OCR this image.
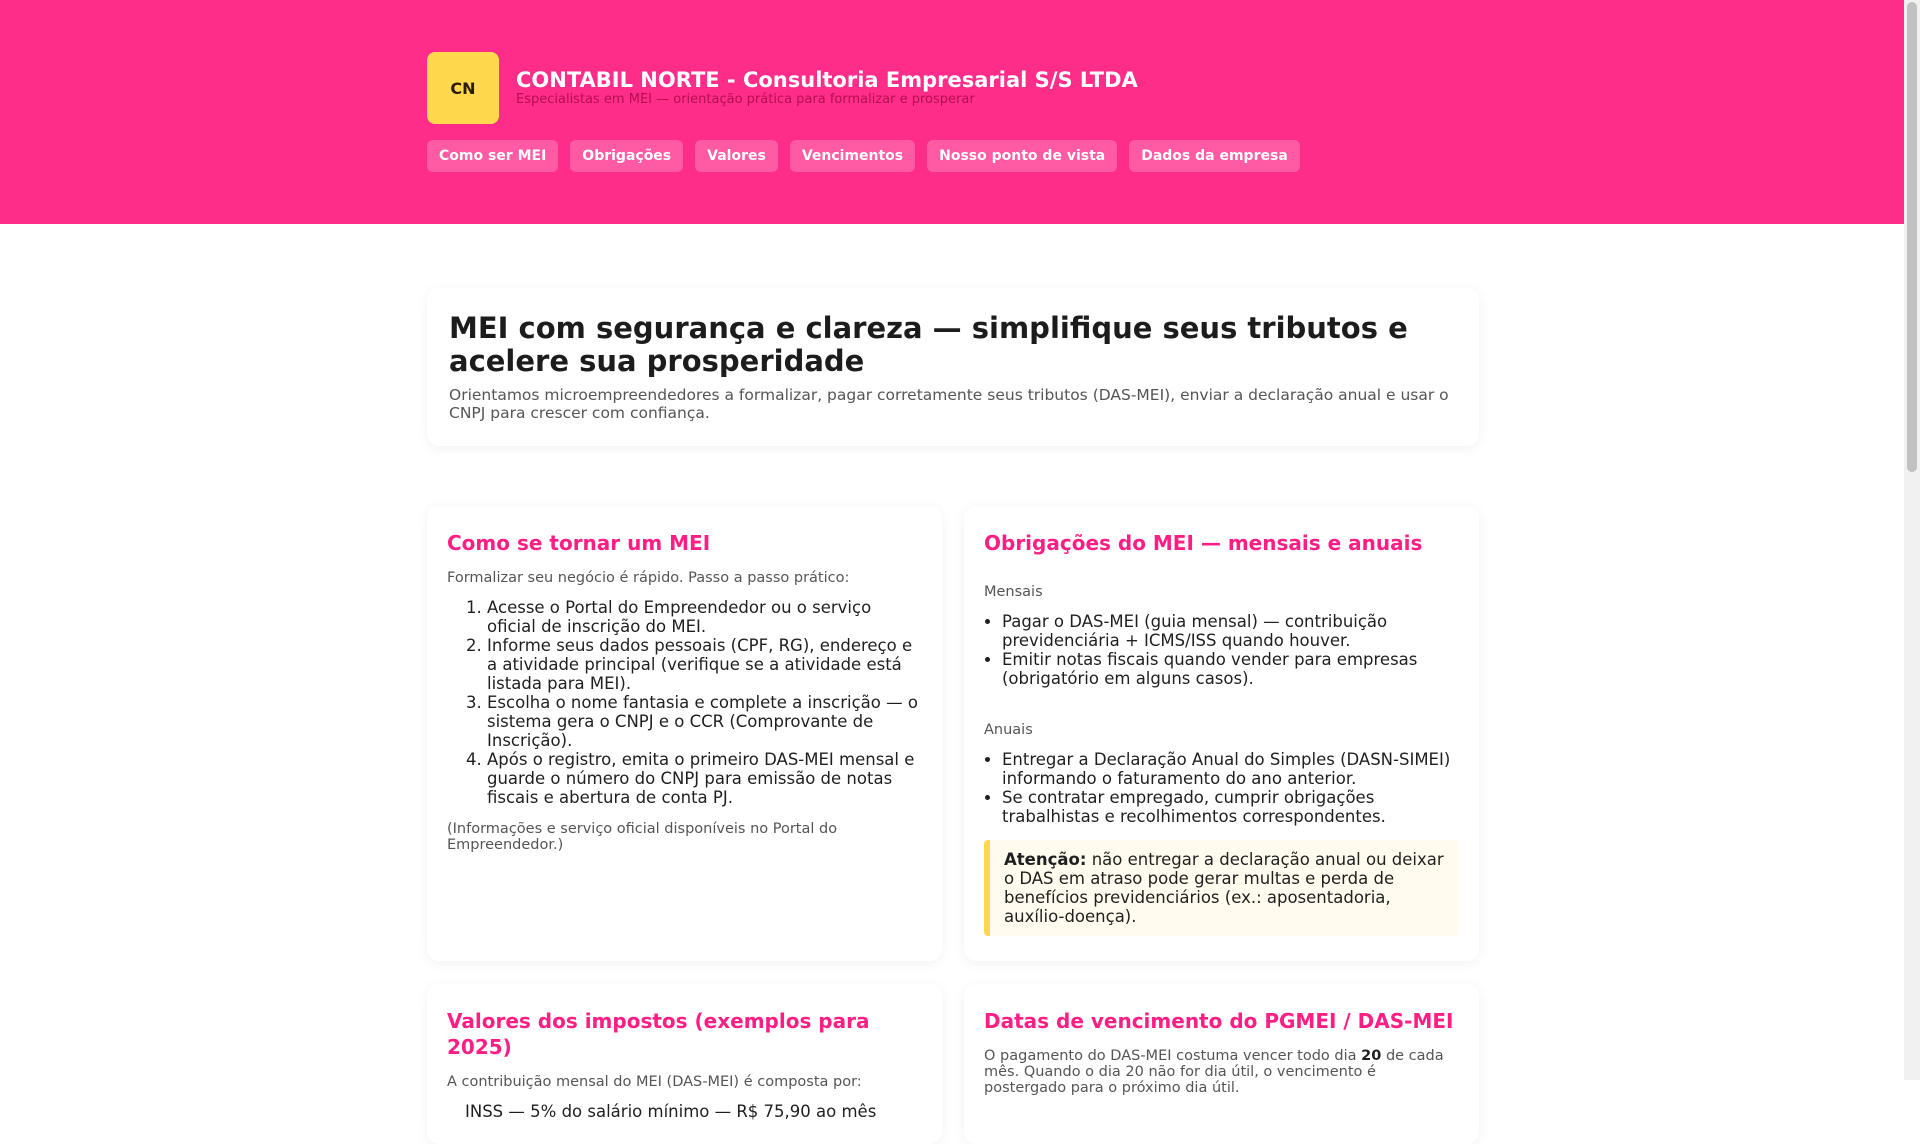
CN	CONTABIL NORTE - Consultoria Empresarial S/S LTDA
Especialistas em MEI — orientação prática para formalizar e prosperar
Como ser MEI	Obrigações	Valores	Vencimentos	Nosso ponto de vista	Dados da empresa
MEI com segurança e clareza — simplifique seus tributos e acelere sua prosperidade

Orientamos microempreendedores a formalizar, pagar corretamente seus tributos (DAS-MEI), enviar a declaração anual e usar o CNPJ para crescer com confiança.

Como se tornar um MEI

Formalizar seu negócio é rápido. Passo a passo prático:

1. Acesse o Portal do Empreendedor ou o serviço oficial de inscrição do MEI.
2. Informe seus dados pessoais (CPF, RG), endereço e a atividade principal (verifique se a atividade está listada para MEI).
3. Escolha o nome fantasia e complete a inscrição — o sistema gera o CNPJ e o CCR (Comprovante de Inscrição).
4. Após o registro, emita o primeiro DAS-MEI mensal e guarde o número do CNPJ para emissão de notas fiscais e abertura de conta PJ.

(Informações e serviço oficial disponíveis no Portal do Empreendedor.)

Obrigações do MEI — mensais e anuais

Mensais

• Pagar o DAS-MEI (guia mensal) — contribuição previdenciária + ICMS/ISS quando houver.
• Emitir notas fiscais quando vender para empresas (obrigatório em alguns casos).

Anuais

• Entregar a Declaração Anual do Simples (DASN-SIMEI) informando o faturamento do ano anterior.
• Se contratar empregado, cumprir obrigações trabalhistas e recolhimentos correspondentes.
Atenção: não entregar a declaração anual ou deixar o DAS em atraso pode gerar multas e perda de benefícios previdenciários (ex.: aposentadoria, auxílio-doença).
Valores dos impostos (exemplos para 2025)

A contribuição mensal do MEI (DAS-MEI) é composta por:

INSS — 5% do salário mínimo — R$ 75,90 ao mês
Datas de vencimento do PGMEI / DAS-MEI

O pagamento do DAS-MEI costuma vencer todo dia 20 de cada mês. Quando o dia 20 não for dia útil, o vencimento é postergado para o próximo dia útil.
